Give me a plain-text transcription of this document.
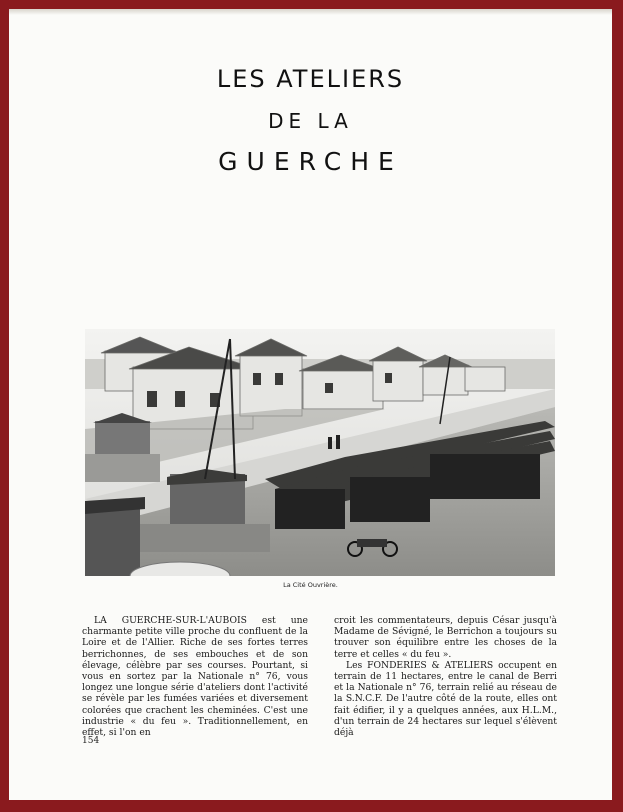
LES ATELIERS
DE LA
GUERCHE
La Cité Ouvrière.

LA GUERCHE-SUR-L'AUBOIS est une charmante petite ville proche du confluent de la Loire et de l'Allier. Riche de ses fortes terres berrichonnes, de ses embouches et de son élevage, célèbre par ses courses. Pourtant, si vous en sortez par la Nationale n° 76, vous longez une longue série d'ateliers dont l'activité se révèle par les fumées variées et diversement colorées que crachent les cheminées. C'est une industrie « du feu ». Traditionnellement, en effet, si l'on en

croit les commentateurs, depuis César jusqu'à Madame de Sévigné, le Berrichon a toujours su trouver son équilibre entre les choses de la terre et celles « du feu ».

Les FONDERIES & ATELIERS occupent en terrain de 11 hectares, entre le canal de Berri et la Nationale n° 76, terrain relié au réseau de la S.N.C.F. De l'autre côté de la route, elles ont fait édifier, il y a quelques années, aux H.L.M., d'un terrain de 24 hectares sur lequel s'élèvent déjà

154
